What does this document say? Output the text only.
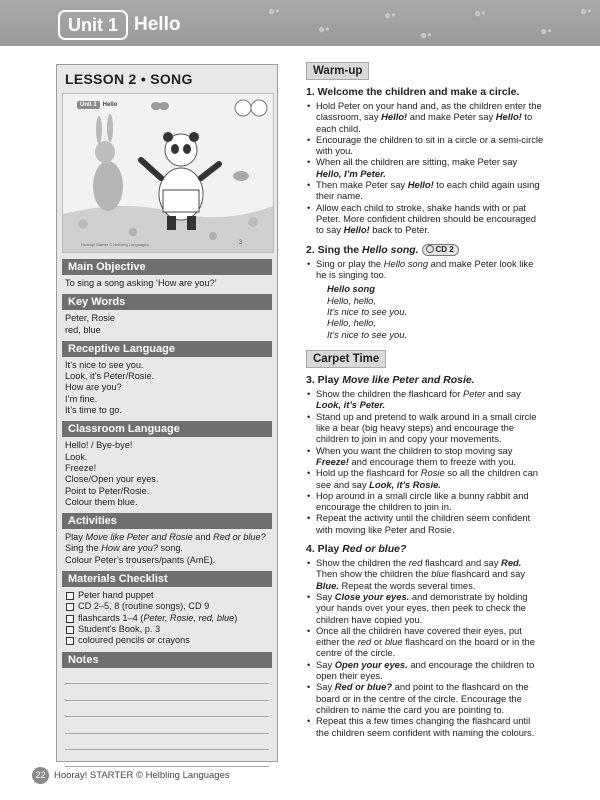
Unit 1 Hello
●•
●•
●•
●•
●•
●•
●•
LESSON 2 • SONG
3
Hooray! Starter © Helbling Languages
Unit 1 Hello
Main Objective
To sing a song asking ‘How are you?’
Key Words
Peter, Rosie
red, blue
Receptive Language
It’s nice to see you.
Look, it’s Peter/Rosie.
How are you?
I’m fine.
It’s time to go.
Classroom Language
Hello! / Bye-bye!
Look.
Freeze!
Close/Open your eyes.
Point to Peter/Rosie.
Colour them blue.
Activities
Play Move like Peter and Rosie and Red or blue?
Sing the How are you? song.
Colour Peter’s trousers/pants (AmE).
Materials Checklist
Peter hand puppet
CD 2–5, 8 (routine songs), CD 9
flashcards 1–4 (Peter, Rosie, red, blue)
Student’s Book, p. 3
coloured pencils or crayons
Notes
Warm-up
1. Welcome the children and make a circle.
• Hold Peter on your hand and, as the children enter the classroom, say Hello! and make Peter say Hello! to each child.
• Encourage the children to sit in a circle or a semi-circle with you.
• When all the children are sitting, make Peter say Hello, I’m Peter.
• Then make Peter say Hello! to each child again using their name.
• Allow each child to stroke, shake hands with or pat Peter. More confident children should be encouraged to say Hello! back to Peter.
2. Sing the Hello song. CD 2
• Sing or play the Hello song and make Peter look like he is singing too.
Hello song
Hello, hello,
It’s nice to see you.
Hello, hello,
It’s nice to see you.
Carpet Time
3. Play Move like Peter and Rosie.
• Show the children the flashcard for Peter and say Look, it’s Peter.
• Stand up and pretend to walk around in a small circle like a bear (big heavy steps) and encourage the children to join in and copy your movements.
• When you want the children to stop moving say Freeze! and encourage them to freeze with you.
• Hold up the flashcard for Rosie so all the children can see and say Look, it’s Rosie.
• Hop around in a small circle like a bunny rabbit and encourage the children to join in.
• Repeat the activity until the children seem confident with moving like Peter and Rosie.
4. Play Red or blue?
• Show the children the red flashcard and say Red. Then show the children the blue flashcard and say Blue. Repeat the words several times.
• Say Close your eyes. and demonstrate by holding your hands over your eyes, then peek to check the children have copied you.
• Once all the children have covered their eyes, put either the red or blue flashcard on the board or in the centre of the circle.
• Say Open your eyes. and encourage the children to open their eyes.
• Say Red or blue? and point to the flashcard on the board or in the centre of the circle. Encourage the children to name the card you are pointing to.
• Repeat this a few times changing the flashcard until the children seem confident with naming the colours.
22 Hooray! STARTER © Helbling Languages
